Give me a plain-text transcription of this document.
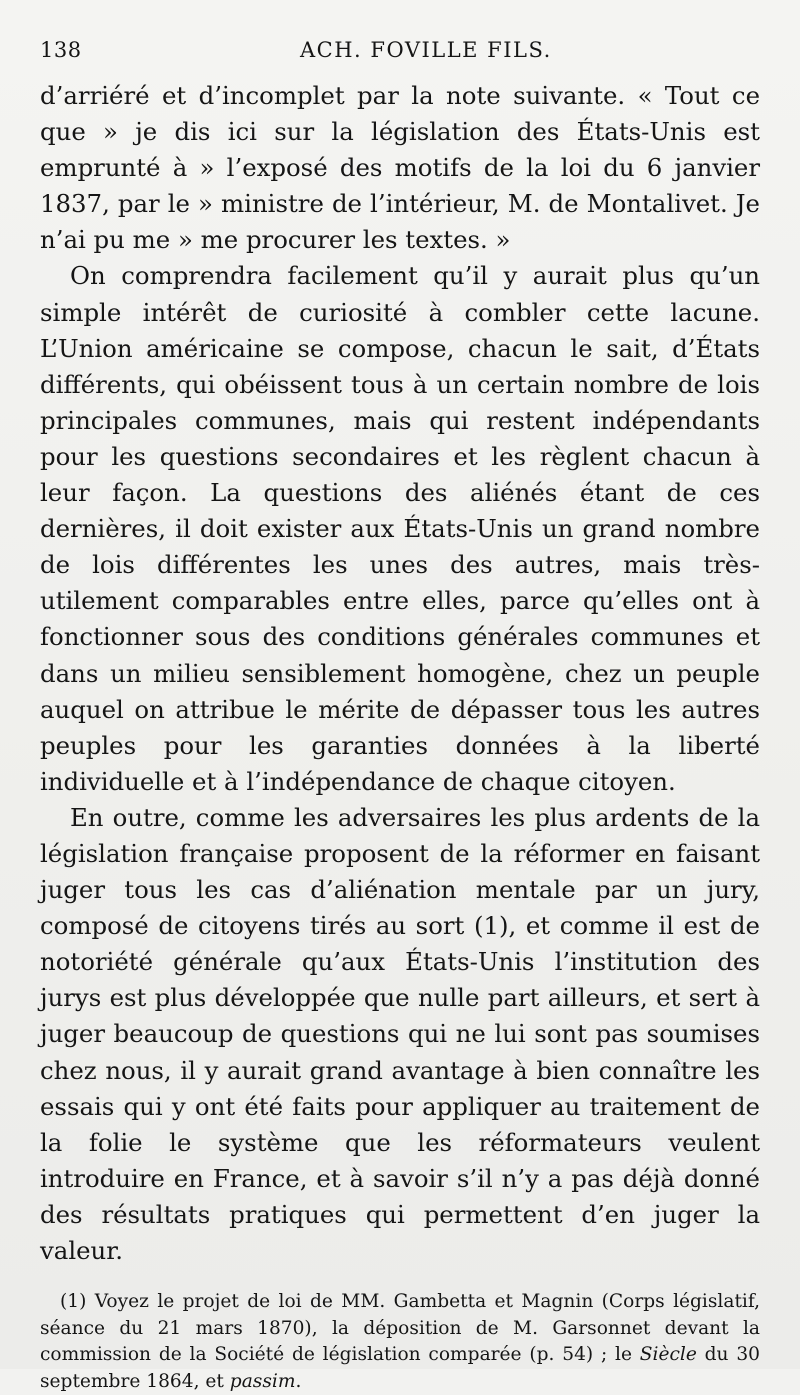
138	ACH. FOVILLE FILS.

d’arriéré et d’incomplet par la note suivante. « Tout ce que » je dis ici sur la législation des États-Unis est emprunté à » l’exposé des motifs de la loi du 6 janvier 1837, par le » ministre de l’intérieur, M. de Montalivet. Je n’ai pu me » me procurer les textes. »

On comprendra facilement qu’il y aurait plus qu’un simple intérêt de curiosité à combler cette lacune. L’Union américaine se compose, chacun le sait, d’États différents, qui obéissent tous à un certain nombre de lois principales communes, mais qui restent indépendants pour les questions secondaires et les règlent chacun à leur façon. La questions des aliénés étant de ces dernières, il doit exister aux États-Unis un grand nombre de lois différentes les unes des autres, mais très-utilement comparables entre elles, parce qu’elles ont à fonctionner sous des conditions générales communes et dans un milieu sensiblement homogène, chez un peuple auquel on attribue le mérite de dépasser tous les autres peuples pour les garanties données à la liberté individuelle et à l’indépendance de chaque citoyen.

En outre, comme les adversaires les plus ardents de la législation française proposent de la réformer en faisant juger tous les cas d’aliénation mentale par un jury, composé de citoyens tirés au sort (1), et comme il est de notoriété générale qu’aux États-Unis l’institution des jurys est plus développée que nulle part ailleurs, et sert à juger beaucoup de questions qui ne lui sont pas soumises chez nous, il y aurait grand avantage à bien connaître les essais qui y ont été faits pour appliquer au traitement de la folie le système que les réformateurs veulent introduire en France, et à savoir s’il n’y a pas déjà donné des résultats pratiques qui permettent d’en juger la valeur.

(1) Voyez le projet de loi de MM. Gambetta et Magnin (Corps législatif, séance du 21 mars 1870), la déposition de M. Garsonnet devant la commission de la Société de législation comparée (p. 54) ; le Siècle du 30 septembre 1864, et passim.
